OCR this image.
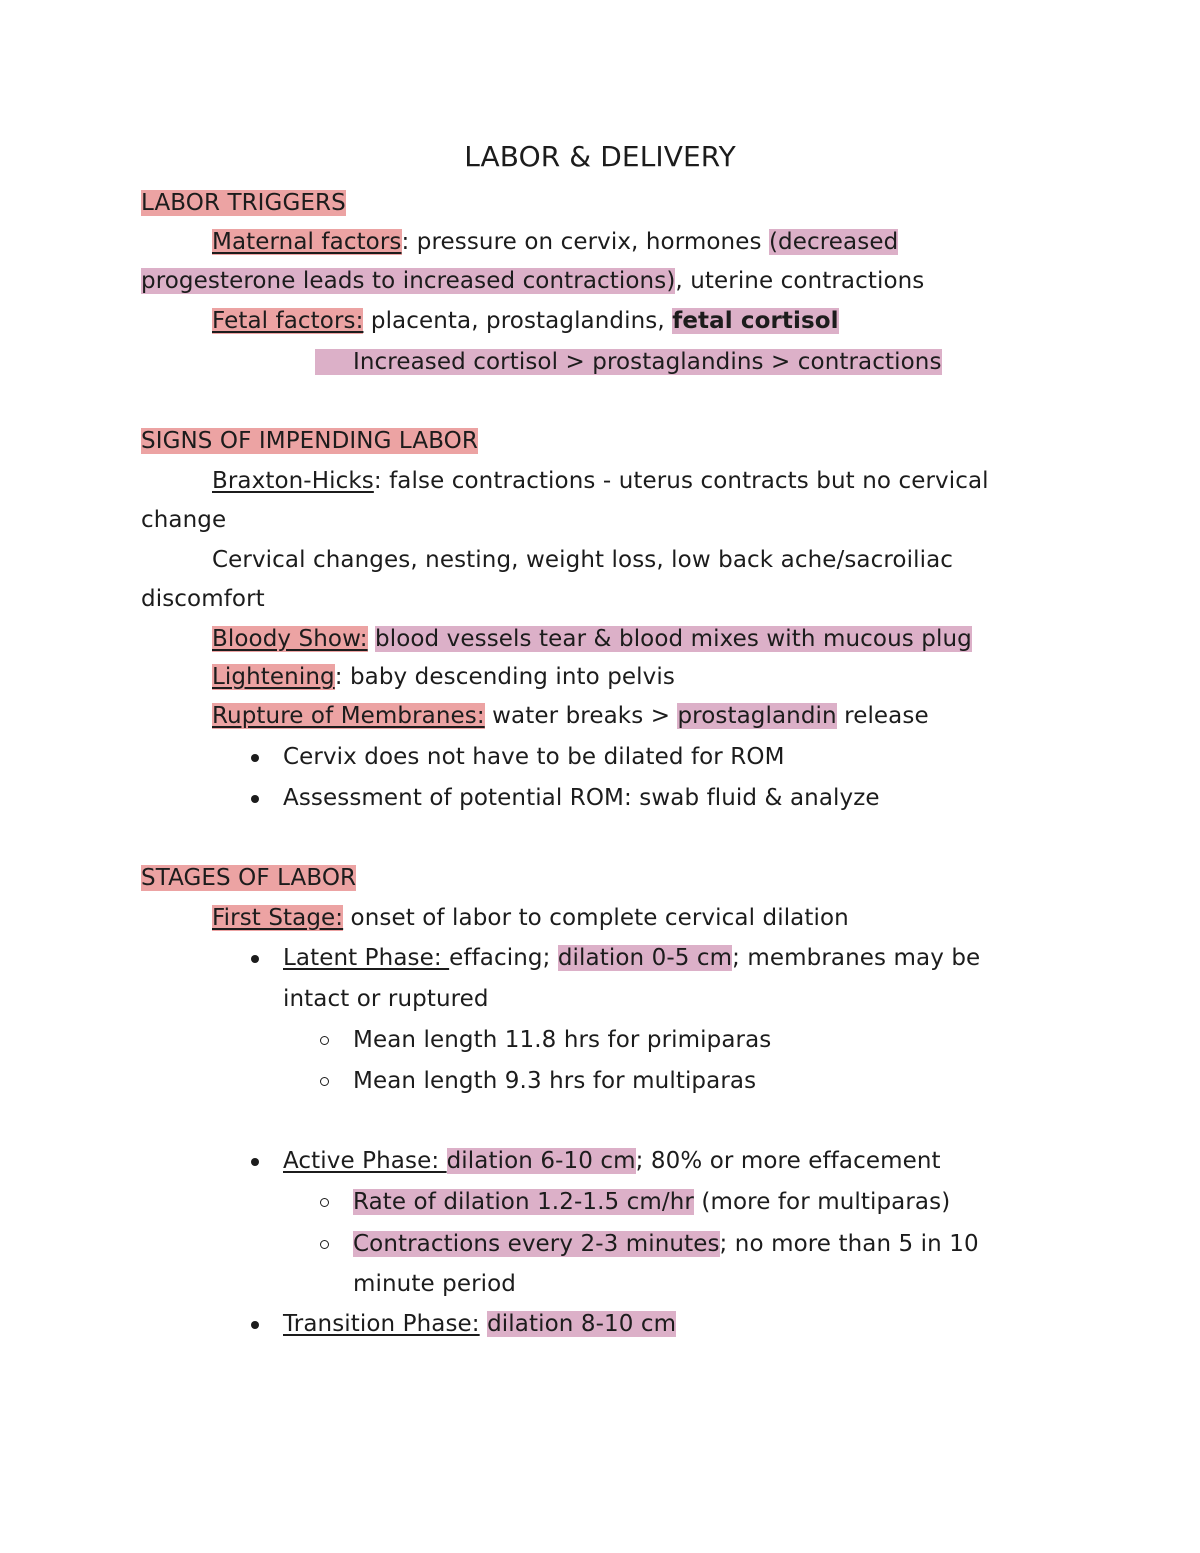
LABOR & DELIVERY
LABOR TRIGGERS
Maternal factors: pressure on cervix, hormones (decreased
progesterone leads to increased contractions), uterine contractions
Fetal factors: placenta, prostaglandins, fetal cortisol
Increased cortisol > prostaglandins > contractions
SIGNS OF IMPENDING LABOR
Braxton-Hicks: false contractions - uterus contracts but no cervical
change
Cervical changes, nesting, weight loss, low back ache/sacroiliac
discomfort
Bloody Show: blood vessels tear & blood mixes with mucous plug
Lightening: baby descending into pelvis
Rupture of Membranes: water breaks > prostaglandin release
Cervix does not have to be dilated for ROM
Assessment of potential ROM: swab fluid & analyze
STAGES OF LABOR
First Stage: onset of labor to complete cervical dilation
Latent Phase: effacing; dilation 0-5 cm; membranes may be
intact or ruptured
Mean length 11.8 hrs for primiparas
Mean length 9.3 hrs for multiparas
Active Phase: dilation 6-10 cm; 80% or more effacement
Rate of dilation 1.2-1.5 cm/hr (more for multiparas)
Contractions every 2-3 minutes; no more than 5 in 10
minute period
Transition Phase: dilation 8-10 cm
